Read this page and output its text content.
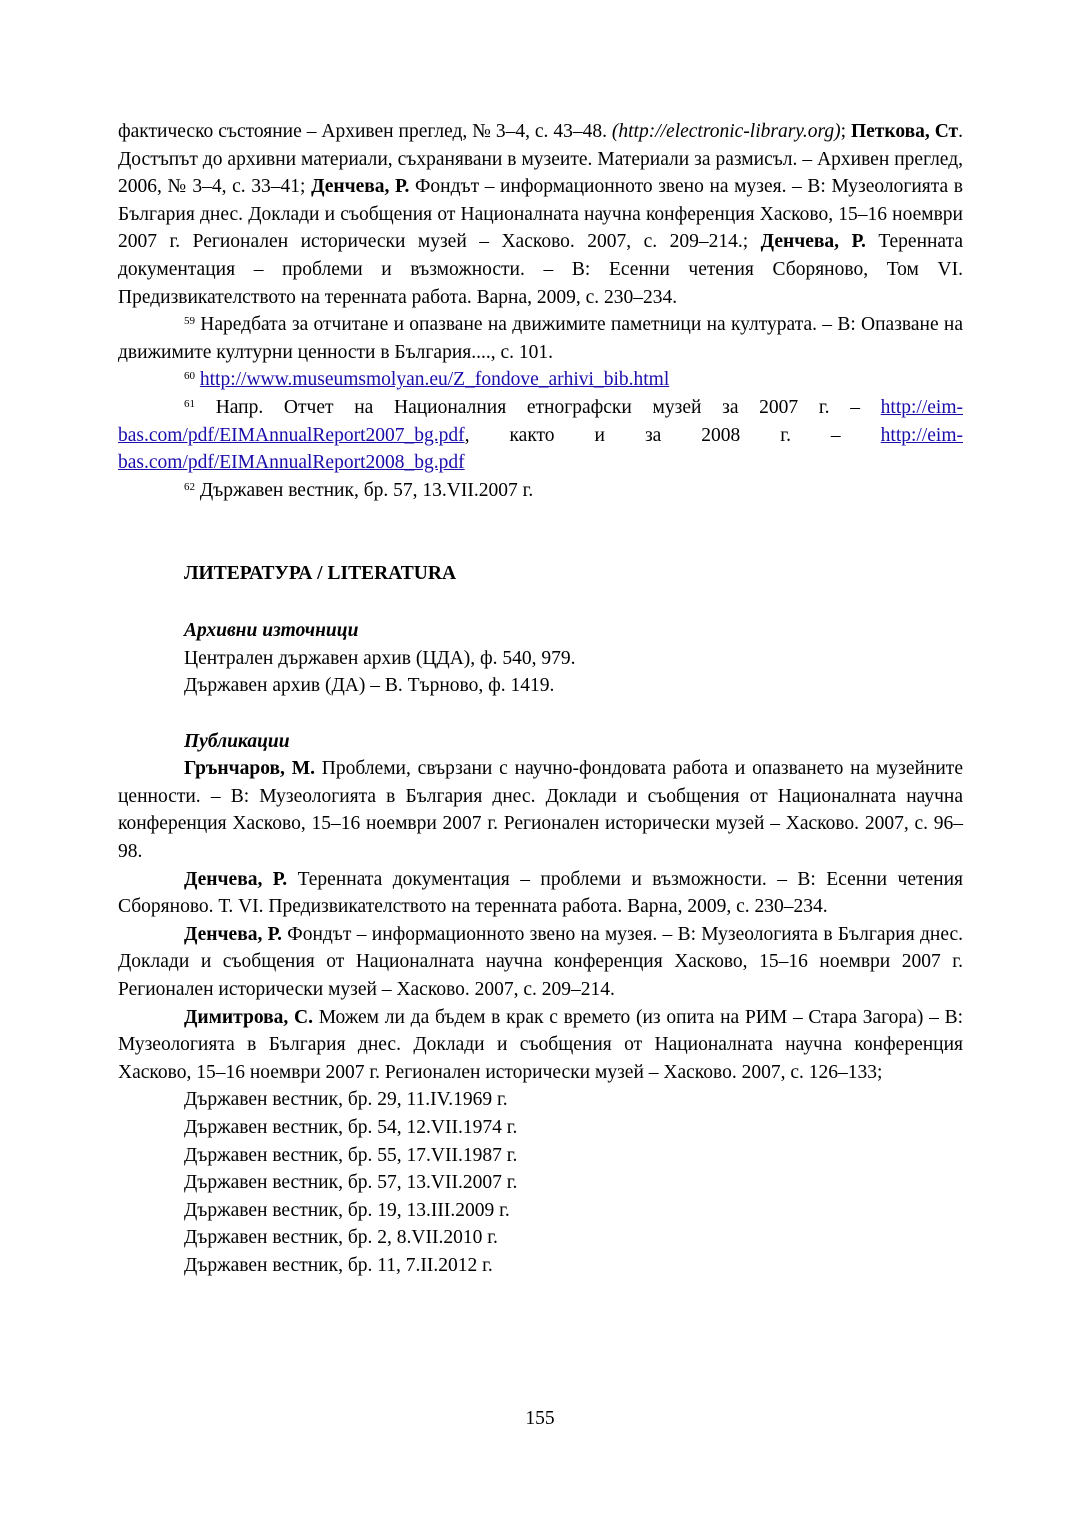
фактическо състояние – Архивен преглед, № 3–4, с. 43–48. (http://electronic-library.org); Петкова, Ст. Достъпът до архивни материали, съхранявани в музеите. Материали за размисъл. – Архивен преглед, 2006, № 3–4, с. 33–41; Денчева, Р. Фондът – информационното звено на музея. – В: Музеологията в България днес. Доклади и съобщения от Националната научна конференция Хасково, 15–16 ноември 2007 г. Регионален исторически музей – Хасково. 2007, с. 209–214.; Денчева, Р. Теренната документация – проблеми и възможности. – В: Есенни четения Сборяново, Том VI. Предизвикателството на теренната работа. Варна, 2009, с. 230–234.

$^{59}$ Наредбата за отчитане и опазване на движимите паметници на културата. – В: Опазване на движимите културни ценности в България...., с. 101.

$^{60}$ http://www.museumsmolyan.eu/Z_fondove_arhivi_bib.html

$^{61}$ Напр. Отчет на Националния етнографски музей за 2007 г. – http://eim-bas.com/pdf/EIMAnnualReport2007_bg.pdf, както и за 2008 г. – http://eim-bas.com/pdf/EIMAnnualReport2008_bg.pdf

$^{62}$ Държавен вестник, бр. 57, 13.VII.2007 г.

ЛИТЕРАТУРА / LITERATURA

Архивни източници

Централен държавен архив (ЦДА), ф. 540, 979.

Държавен архив (ДА) – В. Търново, ф. 1419.

Публикации

Грънчаров, М. Проблеми, свързани с научно-фондовата работа и опазването на музейните ценности. – В: Музеологията в България днес. Доклади и съобщения от Националната научна конференция Хасково, 15–16 ноември 2007 г. Регионален исторически музей – Хасково. 2007, с. 96–98.

Денчева, Р. Теренната документация – проблеми и възможности. – В: Есенни четения Сборяново. Т. VI. Предизвикателството на теренната работа. Варна, 2009, с. 230–234.

Денчева, Р. Фондът – информационното звено на музея. – В: Музеологията в България днес. Доклади и съобщения от Националната научна конференция Хасково, 15–16 ноември 2007 г. Регионален исторически музей – Хасково. 2007, с. 209–214.

Димитрова, С. Можем ли да бъдем в крак с времето (из опита на РИМ – Стара Загора) – В: Музеологията в България днес. Доклади и съобщения от Националната научна конференция Хасково, 15–16 ноември 2007 г. Регионален исторически музей – Хасково. 2007, с. 126–133;

Държавен вестник, бр. 29, 11.IV.1969 г.

Държавен вестник, бр. 54, 12.VII.1974 г.

Държавен вестник, бр. 55, 17.VII.1987 г.

Държавен вестник, бр. 57, 13.VII.2007 г.

Държавен вестник, бр. 19, 13.III.2009 г.

Държавен вестник, бр. 2, 8.VII.2010 г.

Държавен вестник, бр. 11, 7.II.2012 г.

155
